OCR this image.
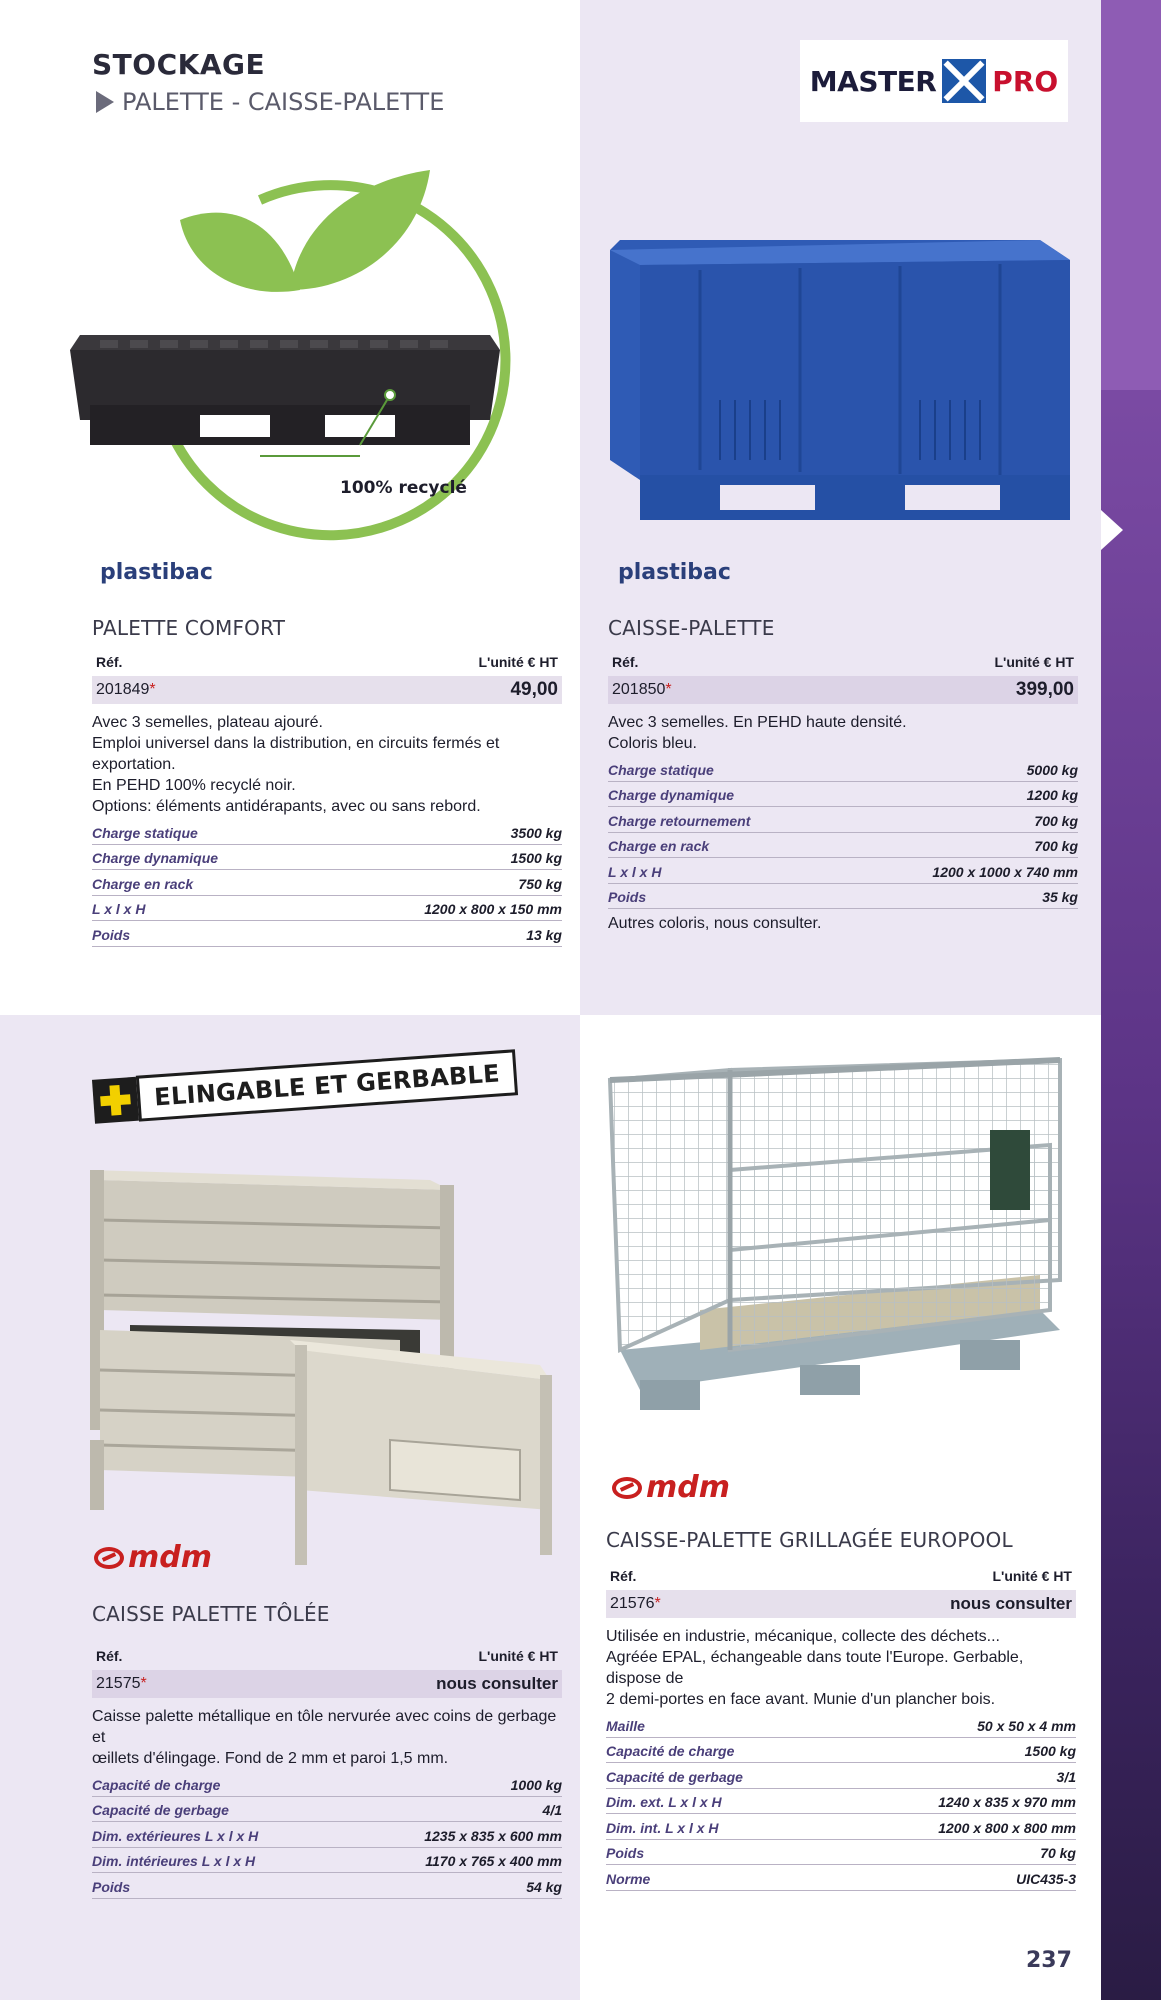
STOCKAGE
PALETTE - CAISSE-PALETTE
MASTER PRO
100% recyclé
plastibac
PALETTE COMFORT
Réf.	L'unité € HT
201849*	49,00
Avec 3 semelles, plateau ajouré.
Emploi universel dans la distribution, en circuits fermés et
exportation.
En PEHD 100% recyclé noir.
Options: éléments antidérapants, avec ou sans rebord.
Charge statique	3500 kg
Charge dynamique	1500 kg
Charge en rack	750 kg
L x l x H	1200 x 800 x 150 mm
Poids	13 kg
plastibac
CAISSE-PALETTE
Réf.	L'unité € HT
201850*	399,00
Avec 3 semelles. En PEHD haute densité.
Coloris bleu.
Charge statique	5000 kg
Charge dynamique	1200 kg
Charge retournement	700 kg
Charge en rack	700 kg
L x l x H	1200 x 1000 x 740 mm
Poids	35 kg
Autres coloris, nous consulter.
ELINGABLE ET GERBABLE
mdm
CAISSE PALETTE TÔLÉE
Réf.	L'unité € HT
21575*	nous consulter
Caisse palette métallique en tôle nervurée avec coins de gerbage et
œillets d'élingage. Fond de 2 mm et paroi 1,5 mm.
Capacité de charge	1000 kg
Capacité de gerbage	4/1
Dim. extérieures L x l x H	1235 x 835 x 600 mm
Dim. intérieures L x l x H	1170 x 765 x 400 mm
Poids	54 kg
mdm
CAISSE-PALETTE GRILLAGÉE EUROPOOL
Réf.	L'unité € HT
21576*	nous consulter
Utilisée en industrie, mécanique, collecte des déchets...
Agréée EPAL, échangeable dans toute l'Europe. Gerbable, dispose de
2 demi-portes en face avant. Munie d'un plancher bois.
Maille	50 x 50 x 4 mm
Capacité de charge	1500 kg
Capacité de gerbage	3/1
Dim. ext. L x l x H	1240 x 835 x 970 mm
Dim. int. L x l x H	1200 x 800 x 800 mm
Poids	70 kg
Norme	UIC435-3
237
